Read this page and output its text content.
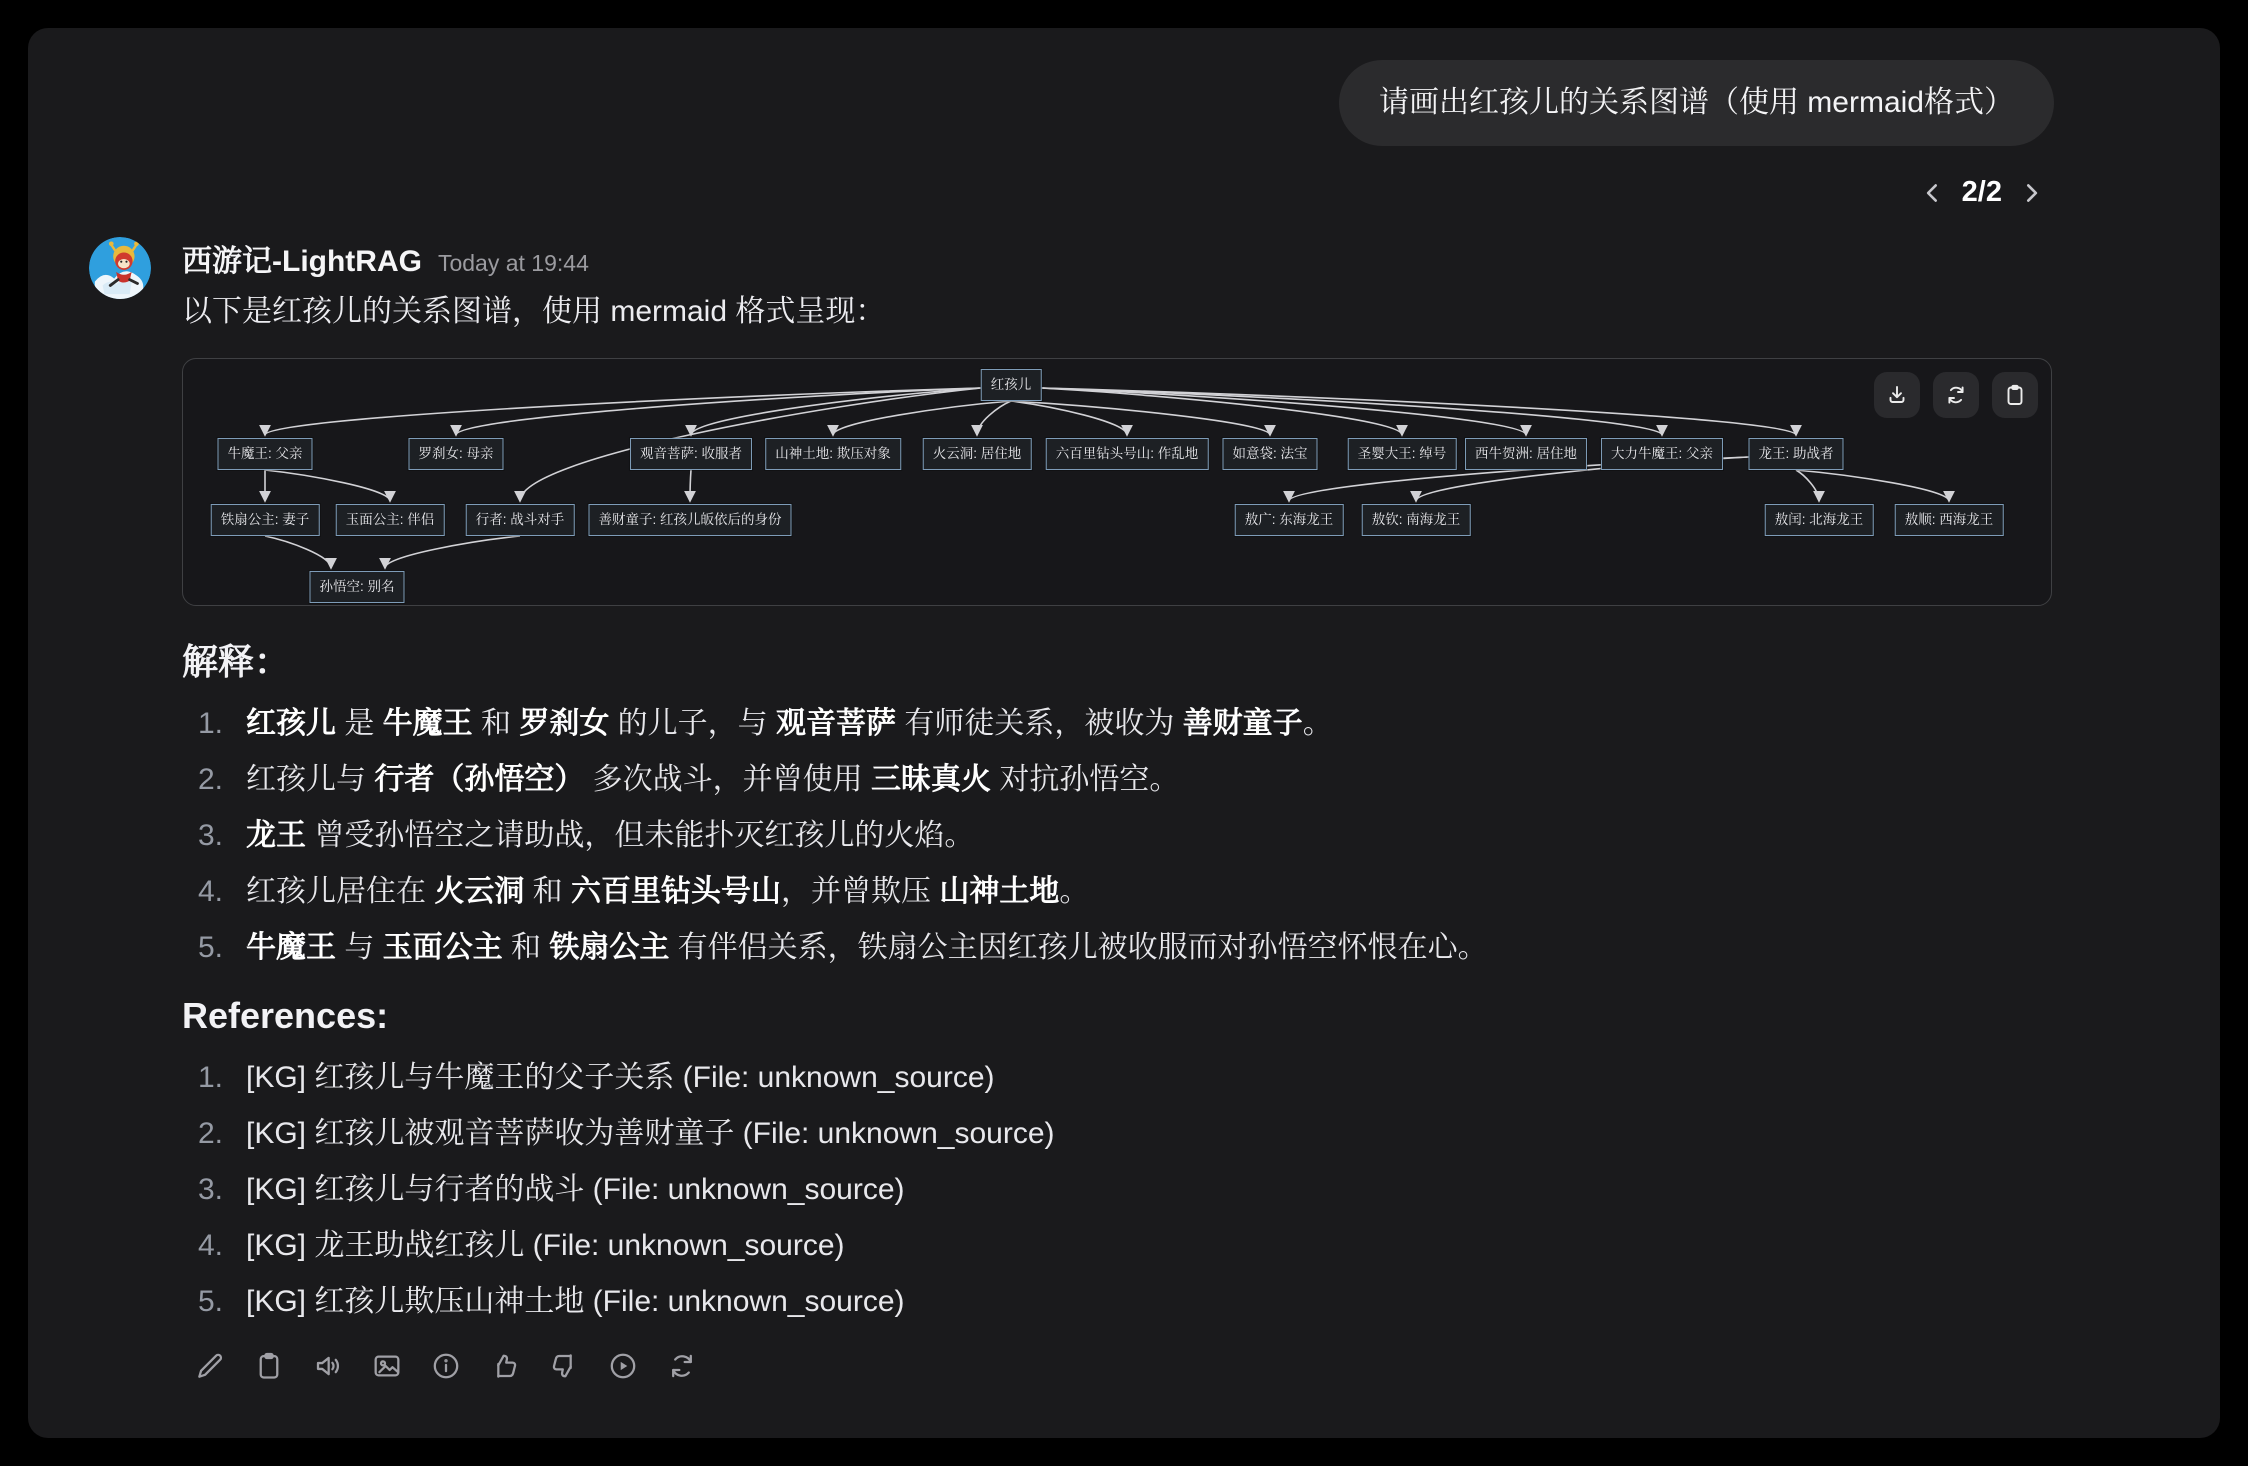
请画出红孩儿的关系图谱（使用 mermaid格式）
2/2
西游记-LightRAG Today at 19:44
以下是红孩儿的关系图谱，使用 mermaid 格式呈现：
红孩儿
牛魔王: 父亲	罗刹女: 母亲	观音菩萨: 收服者	山神土地: 欺压对象	火云洞: 居住地	六百里钻头号山: 作乱地	如意袋: 法宝	圣婴大王: 绰号	西牛贺洲: 居住地	大力牛魔王: 父亲	龙王: 助战者
铁扇公主: 妻子	玉面公主: 伴侣	行者: 战斗对手	善财童子: 红孩儿皈依后的身份	敖广: 东海龙王	敖钦: 南海龙王	敖闰: 北海龙王	敖顺: 西海龙王
孙悟空: 别名
解释：
1. 红孩儿 是 牛魔王 和 罗刹女 的儿子，与 观音菩萨 有师徒关系，被收为 善财童子。
2. 红孩儿与 行者（孙悟空） 多次战斗，并曾使用 三昧真火 对抗孙悟空。
3. 龙王 曾受孙悟空之请助战，但未能扑灭红孩儿的火焰。
4. 红孩儿居住在 火云洞 和 六百里钻头号山，并曾欺压 山神土地。
5. 牛魔王 与 玉面公主 和 铁扇公主 有伴侣关系，铁扇公主因红孩儿被收服而对孙悟空怀恨在心。
References:
1. [KG] 红孩儿与牛魔王的父子关系 (File: unknown_source)
2. [KG] 红孩儿被观音菩萨收为善财童子 (File: unknown_source)
3. [KG] 红孩儿与行者的战斗 (File: unknown_source)
4. [KG] 龙王助战红孩儿 (File: unknown_source)
5. [KG] 红孩儿欺压山神土地 (File: unknown_source)
